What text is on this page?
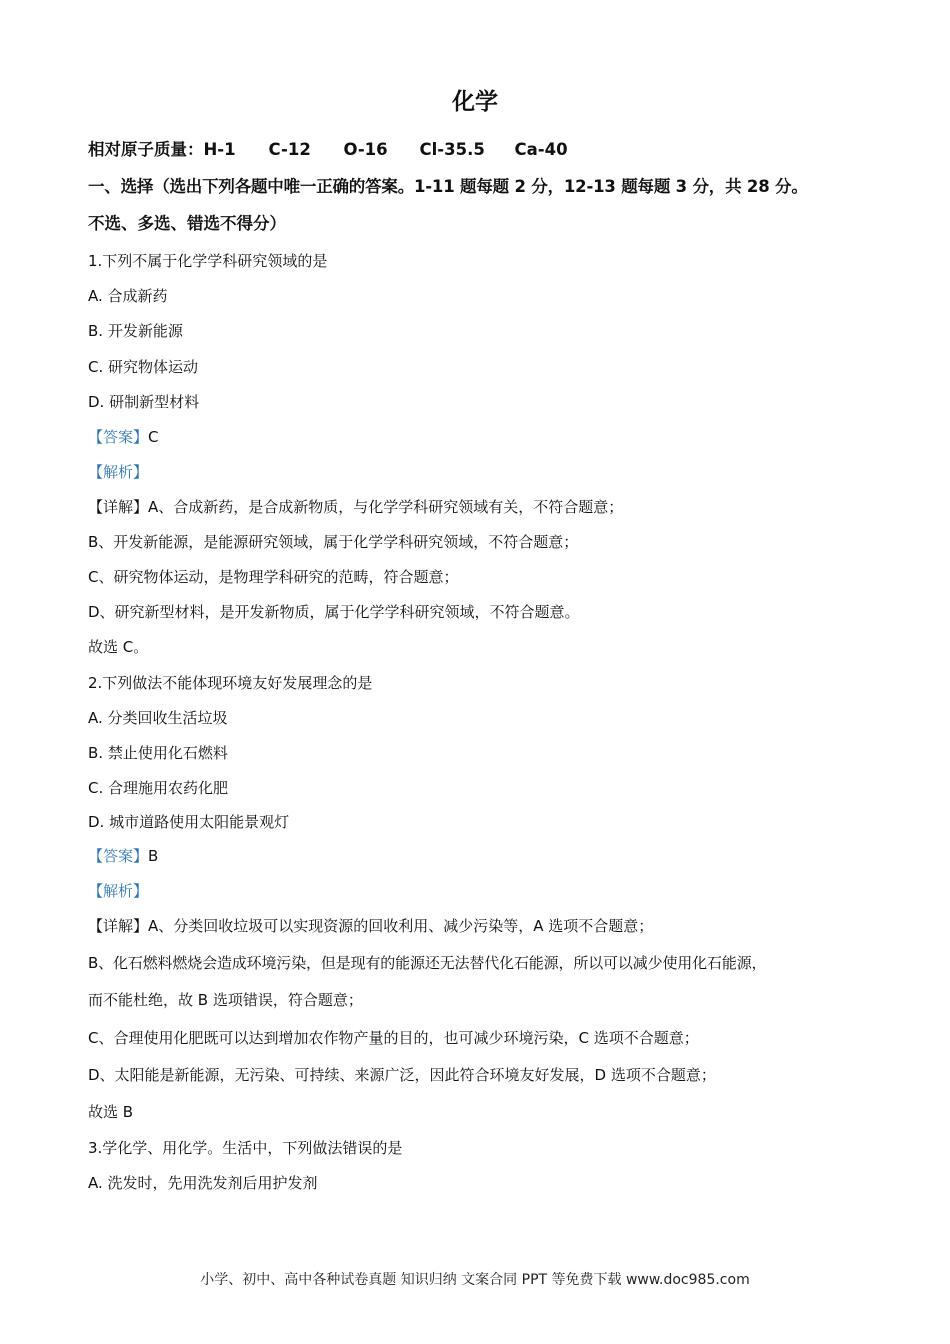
化学
相对原子质量：H-1 C-12 O-16 Cl-35.5 Ca-40
一、选择（选出下列各题中唯一正确的答案。1-11 题每题 2 分，12-13 题每题 3 分，共 28 分。
不选、多选、错选不得分）
1.下列不属于化学学科研究领域的是
A. 合成新药
B. 开发新能源
C. 研究物体运动
D. 研制新型材料
【答案】C
【解析】
【详解】A、合成新药，是合成新物质，与化学学科研究领域有关，不符合题意；
B、开发新能源，是能源研究领域，属于化学学科研究领域，不符合题意；
C、研究物体运动，是物理学科研究的范畴，符合题意；
D、研究新型材料，是开发新物质，属于化学学科研究领域，不符合题意。
故选 C。
2.下列做法不能体现环境友好发展理念的是
A. 分类回收生活垃圾
B. 禁止使用化石燃料
C. 合理施用农药化肥
D. 城市道路使用太阳能景观灯
【答案】B
【解析】
【详解】A、分类回收垃圾可以实现资源的回收利用、减少污染等，A 选项不合题意；
B、化石燃料燃烧会造成环境污染，但是现有的能源还无法替代化石能源，所以可以减少使用化石能源，
而不能杜绝，故 B 选项错误，符合题意；
C、合理使用化肥既可以达到增加农作物产量的目的，也可减少环境污染，C 选项不合题意；
D、太阳能是新能源，无污染、可持续、来源广泛，因此符合环境友好发展，D 选项不合题意；
故选 B
3.学化学、用化学。生活中，下列做法错误的是
A. 洗发时，先用洗发剂后用护发剂
小学、初中、高中各种试卷真题 知识归纳 文案合同 PPT 等免费下载 www.doc985.com
